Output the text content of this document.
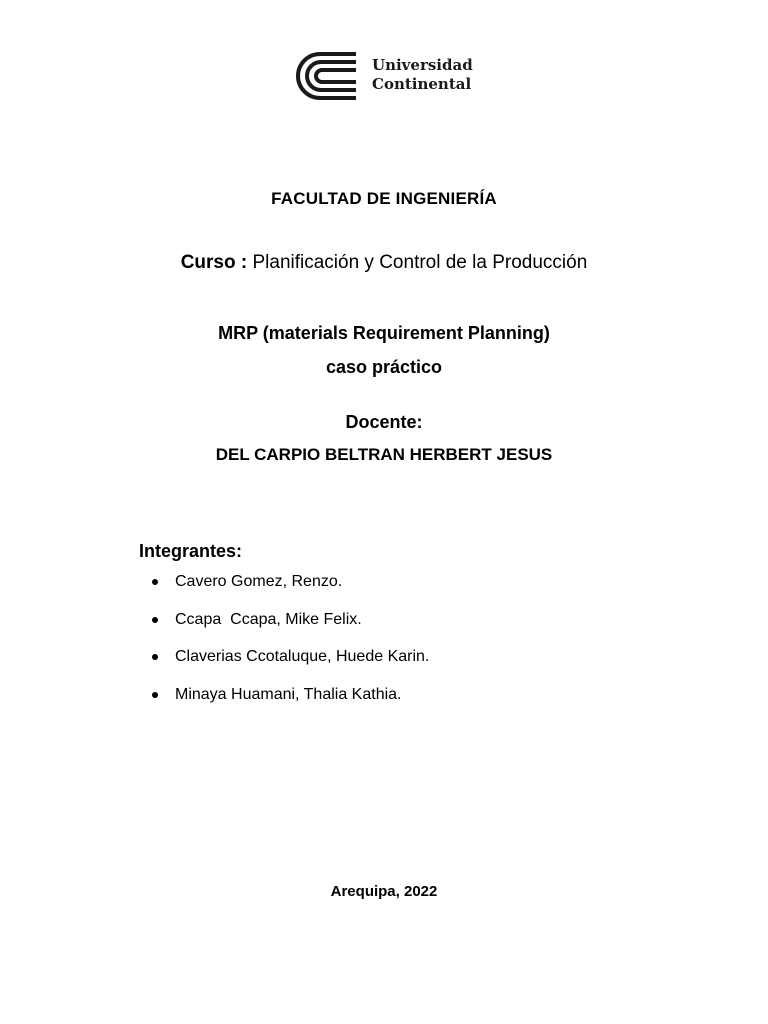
Universidad
Continental
FACULTAD DE INGENIERÍA
Curso : Planificación y Control de la Producción
MRP (materials Requirement Planning)
caso práctico
Docente:
DEL CARPIO BELTRAN HERBERT JESUS
Integrantes:
Cavero Gomez, Renzo.
Ccapa  Ccapa, Mike Felix.
Claverias Ccotaluque, Huede Karin.
Minaya Huamani, Thalia Kathia.
Arequipa, 2022
